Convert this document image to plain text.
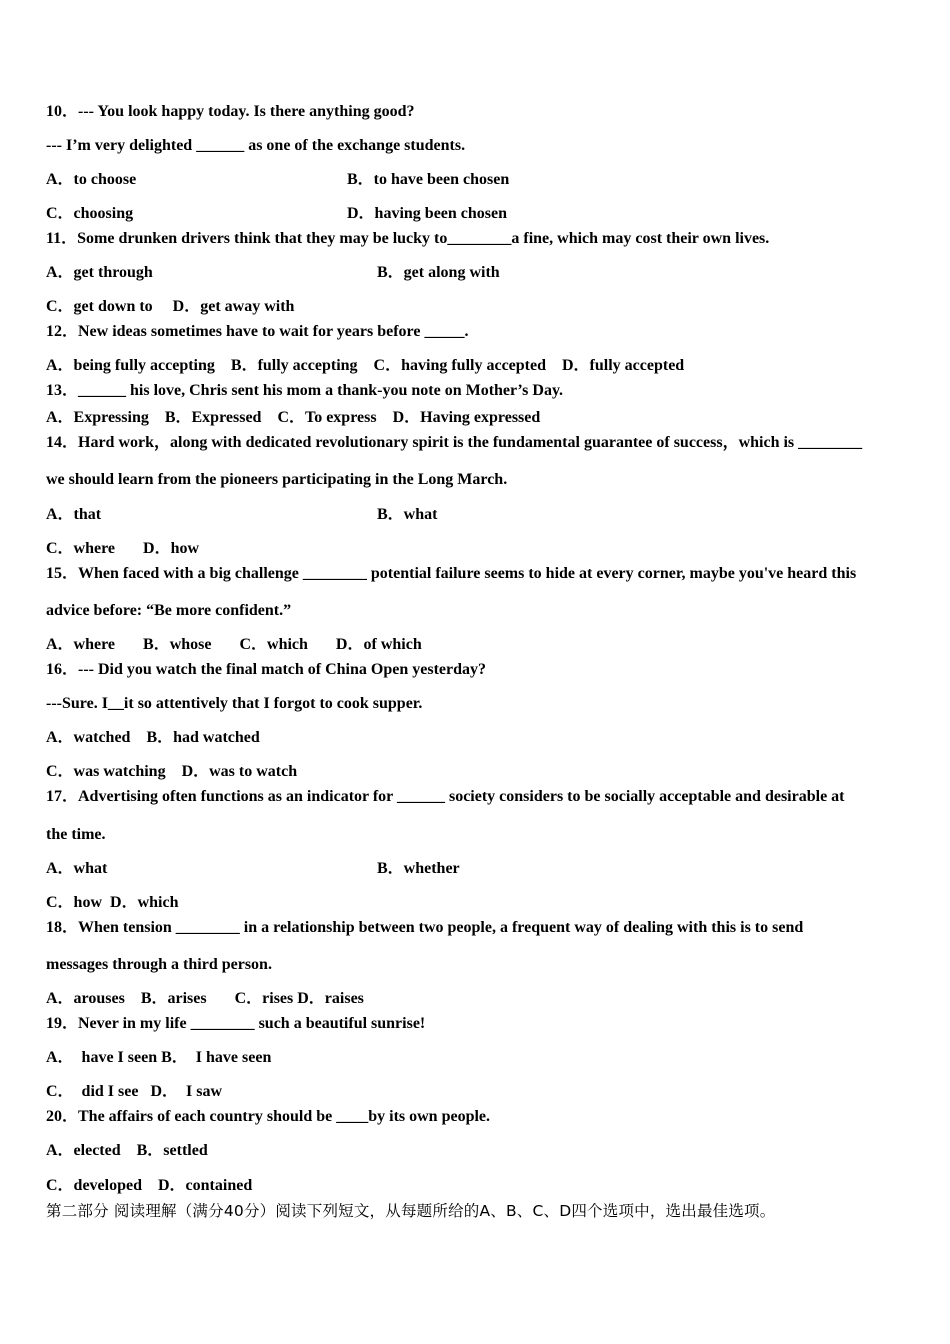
10．--- You look happy today. Is there anything good?
--- I’m very delighted ______ as one of the exchange students.
A．to choose	B．to have been chosen
C．choosing	D．having been chosen
11．Some drunken drivers think that they may be lucky to________a fine, which may cost their own lives.
A．get through	B．get along with
C．get down to     D．get away with
12．New ideas sometimes have to wait for years before _____.
A．being fully accepting    B．fully accepting    C．having fully accepted    D．fully accepted
13．______ his love, Chris sent his mom a thank-you note on Mother’s Day.
A．Expressing    B．Expressed    C．To express    D．Having expressed
14．Hard work，along with dedicated revolutionary spirit is the fundamental guarantee of success，which is ________
we should learn from the pioneers participating in the Long March.
A．that	B．what
C．where       D．how
15．When faced with a big challenge ________ potential failure seems to hide at every corner, maybe you've heard this
advice before: “Be more confident.”
A．where       B．whose       C．which       D．of which
16．--- Did you watch the final match of China Open yesterday?
---Sure. I__it so attentively that I forgot to cook supper.
A．watched    B．had watched
C．was watching    D．was to watch
17．Advertising often functions as an indicator for ______ society considers to be socially acceptable and desirable at
the time.
A．what	B．whether
C．how  D．which
18．When tension ________ in a relationship between two people, a frequent way of dealing with this is to send
messages through a third person.
A．arouses    B．arises       C．rises D．raises
19．Never in my life ________ such a beautiful sunrise!
A．  have I seen B．  I have seen
C．  did I see   D．  I saw
20．The affairs of each country should be ____by its own people.
A．elected    B．settled
C．developed    D．contained
第二部分 阅读理解（满分40分）阅读下列短文，从每题所给的A、B、C、D四个选项中，选出最佳选项。
